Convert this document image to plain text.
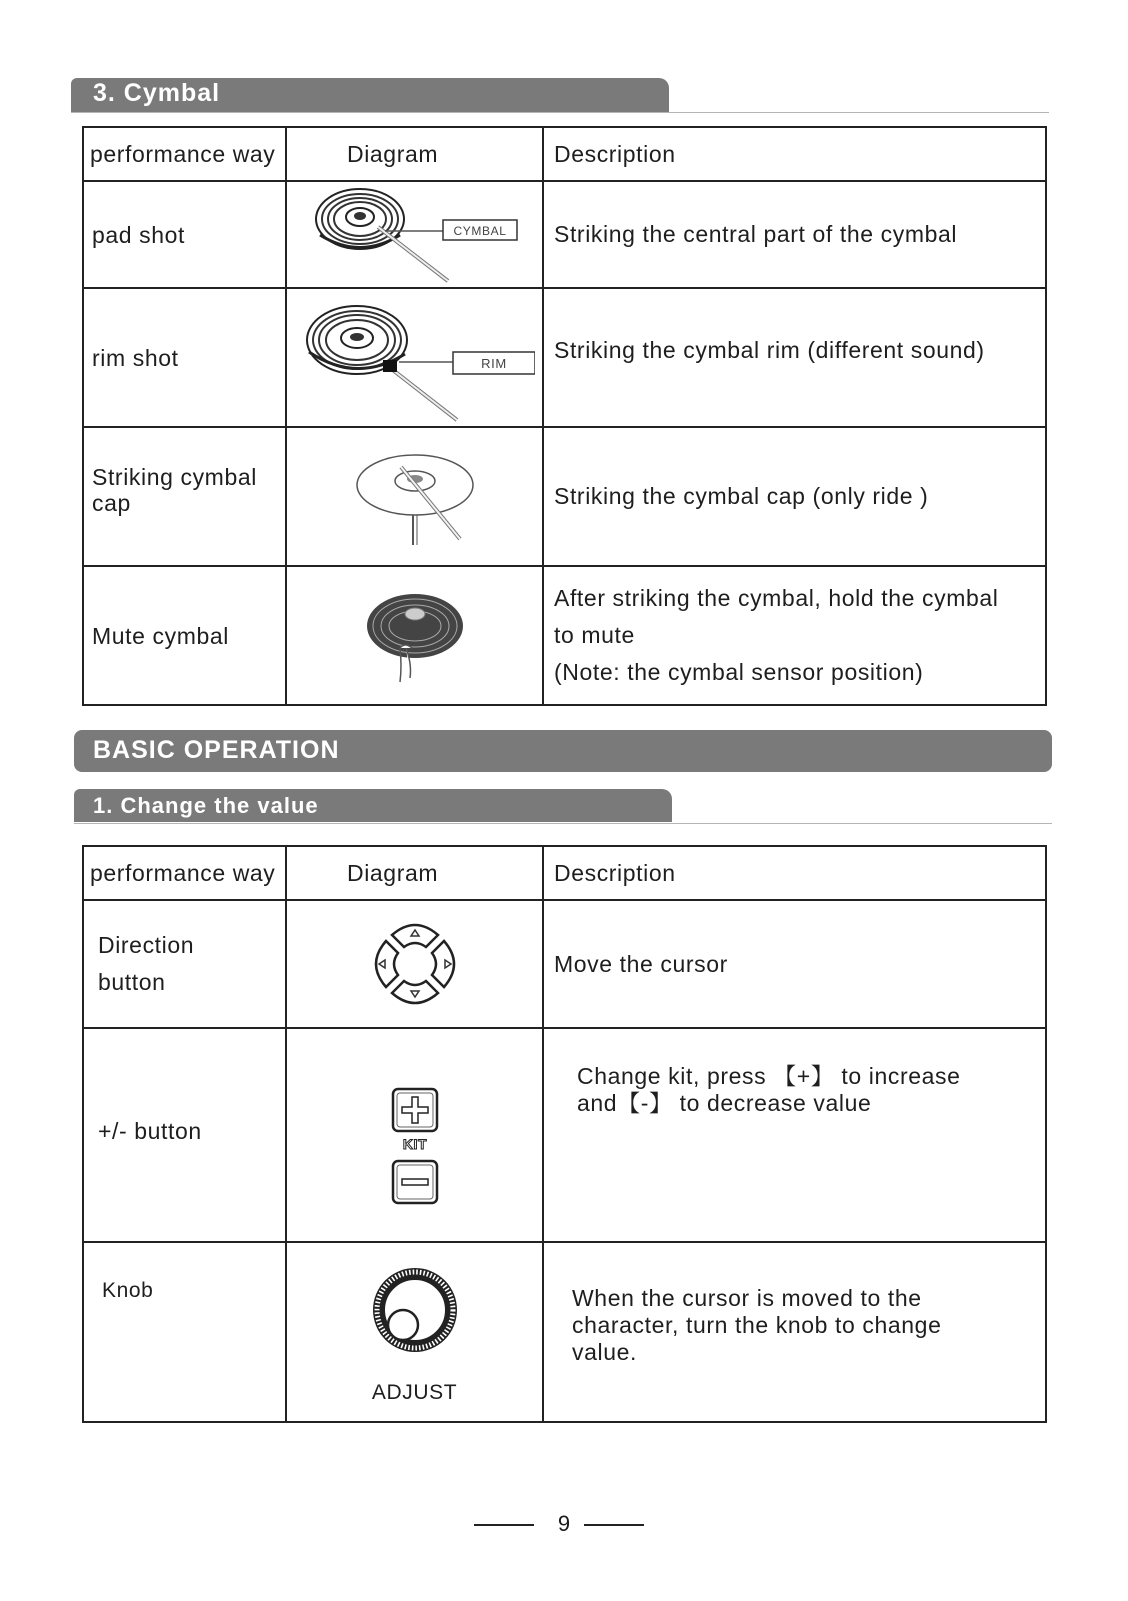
3. Cymbal
performance way	Diagram	Description

pad shot	CYMBAL	Striking the central part of the cymbal

rim shot	RIM	Striking the cymbal rim (different sound)

Striking cymbal cap		Striking the cymbal cap (only ride )

Mute cymbal		After striking the cymbal, hold the cymbal
to mute
(Note: the cymbal sensor position)
BASIC OPERATION
1. Change the value
performance way	Diagram	Description

Direction
button		Move the cursor

+/- button	KIT	Change kit, press 【+】 to increase
and【-】 to decrease value

Knob	ADJUST	When the cursor is moved to the
character, turn the knob to change
value.
9
